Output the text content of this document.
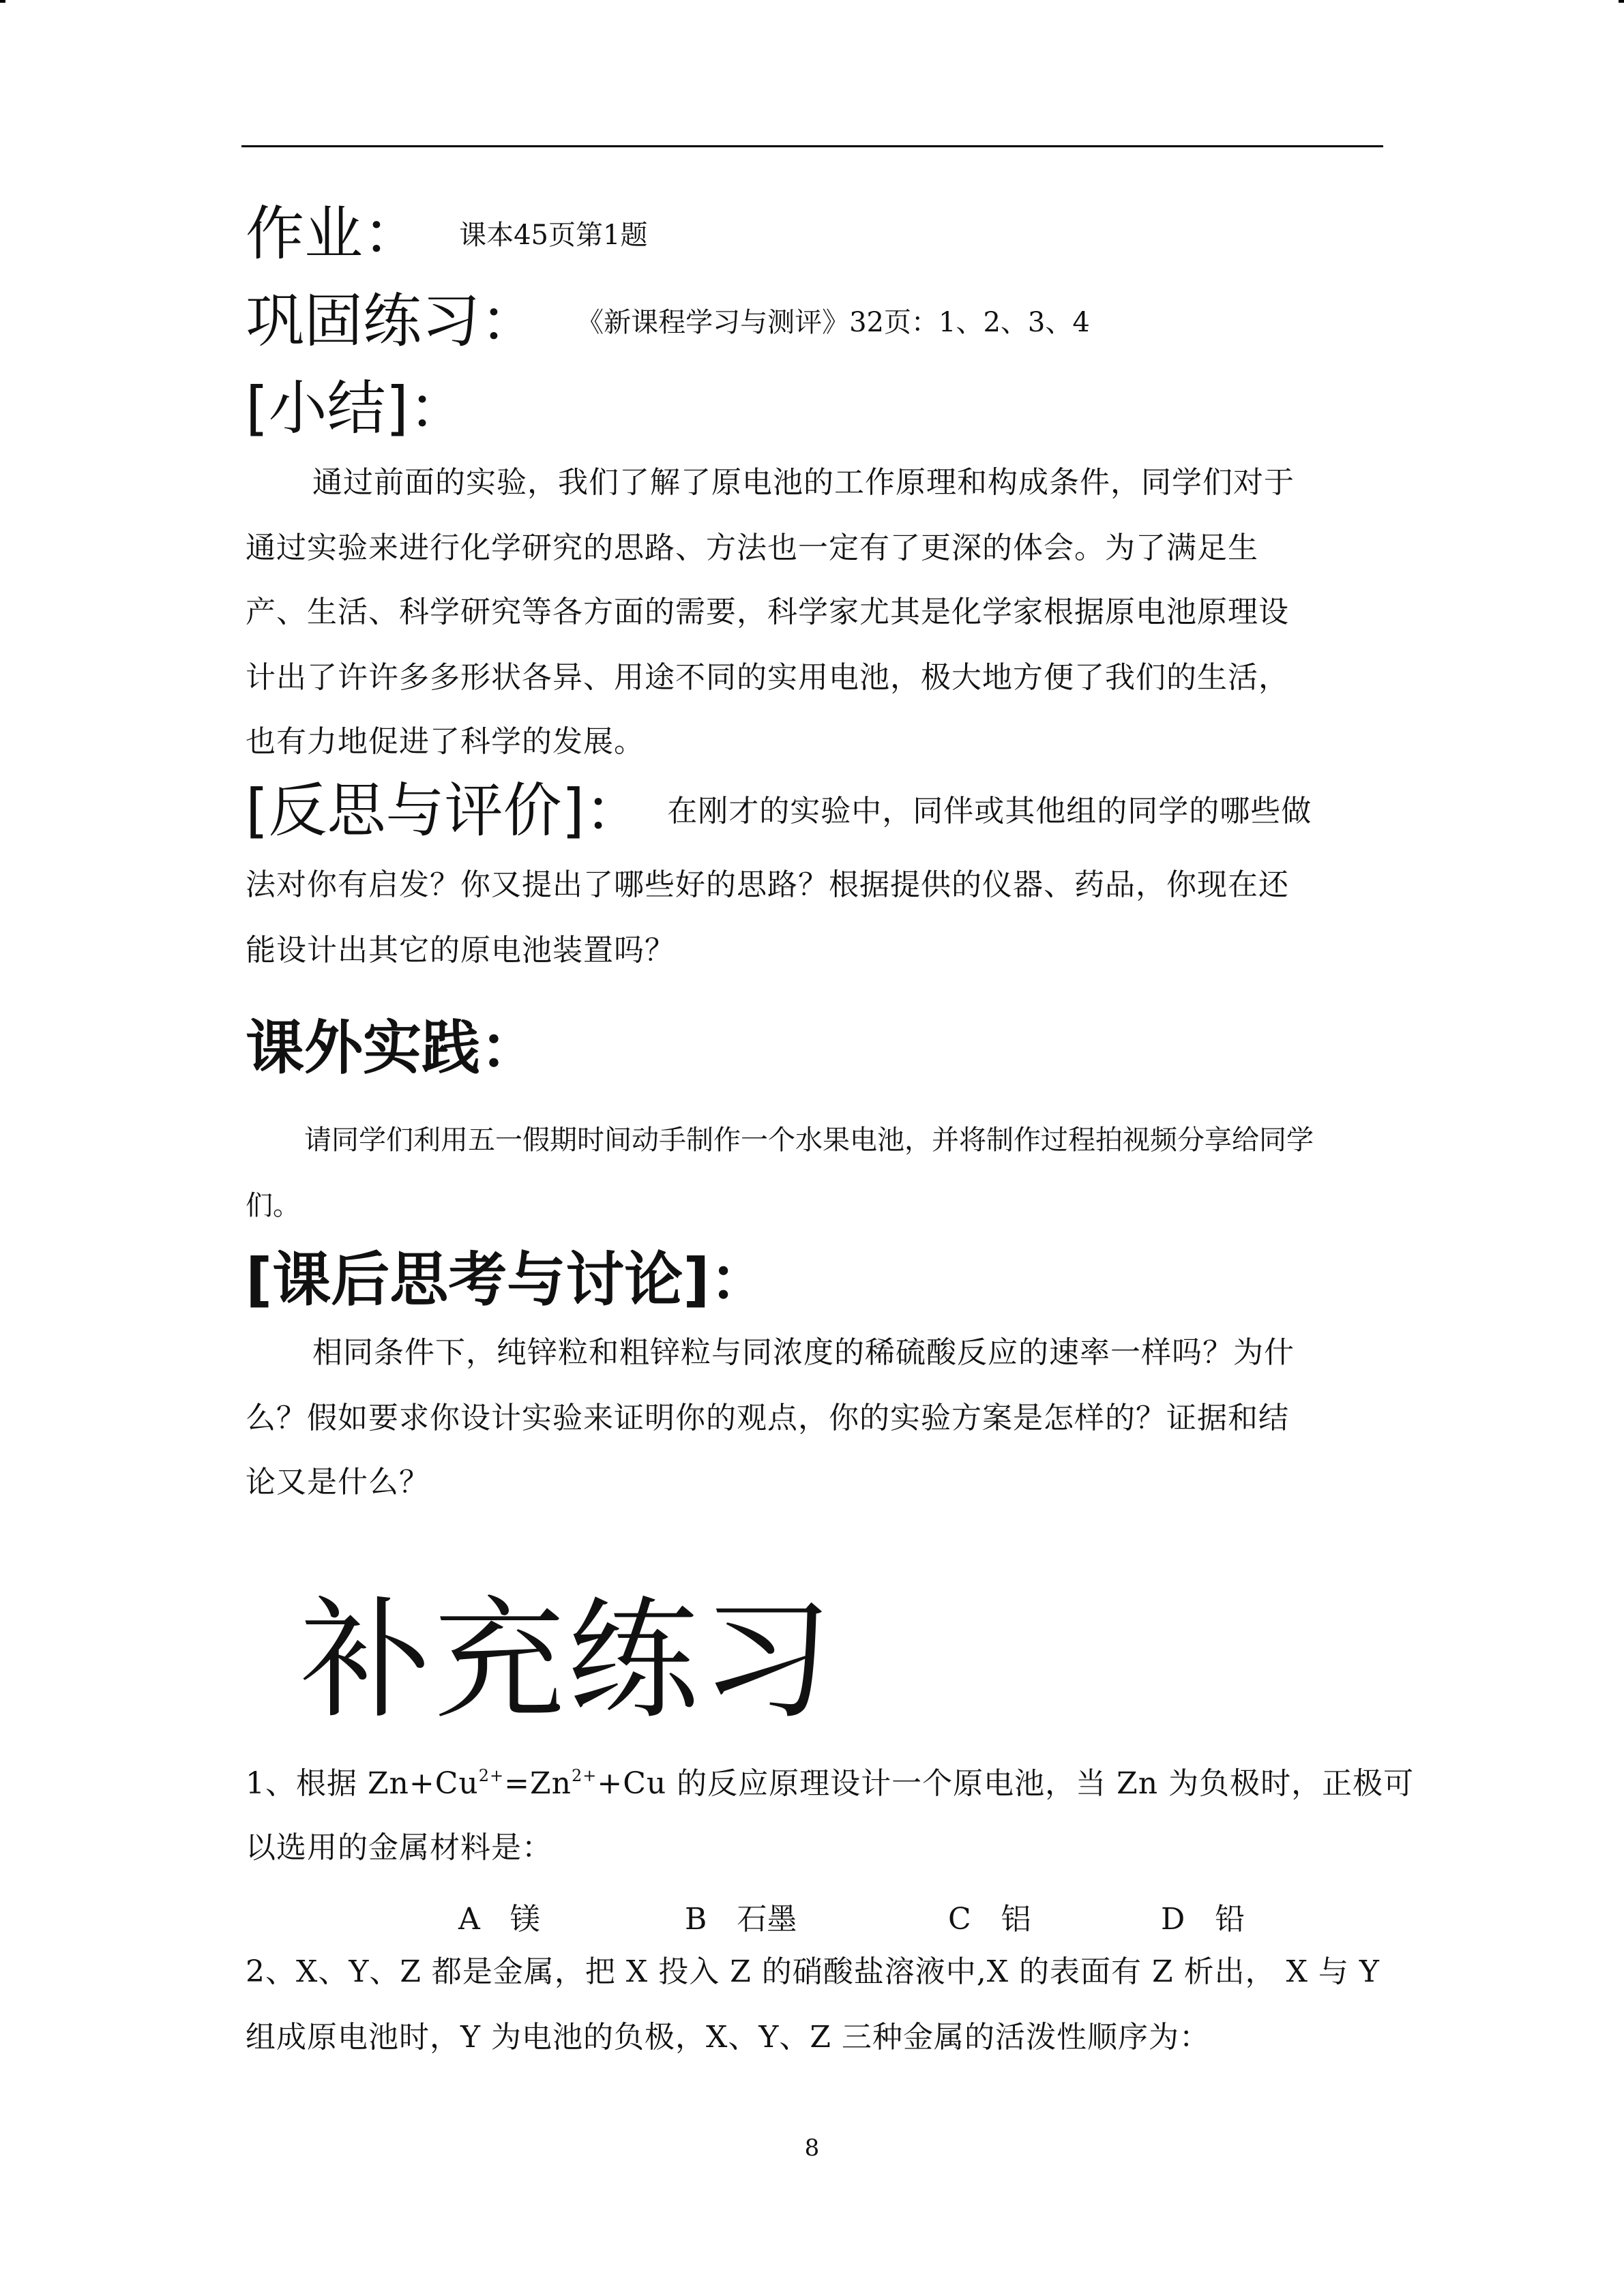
作业： 课本45页第1题
巩固练习： 《新课程学习与测评》32页：1、2、3、4
[小结]：
通过前面的实验，我们了解了原电池的工作原理和构成条件，同学们对于
通过实验来进行化学研究的思路、方法也一定有了更深的体会。为了满足生
产、生活、科学研究等各方面的需要，科学家尤其是化学家根据原电池原理设
计出了许许多多形状各异、用途不同的实用电池，极大地方便了我们的生活，
也有力地促进了科学的发展。
[反思与评价]： 在刚才的实验中，同伴或其他组的同学的哪些做
法对你有启发？你又提出了哪些好的思路？根据提供的仪器、药品，你现在还
能设计出其它的原电池装置吗？
课外实践：
请同学们利用五一假期时间动手制作一个水果电池，并将制作过程拍视频分享给同学
们。
[课后思考与讨论]：
相同条件下，纯锌粒和粗锌粒与同浓度的稀硫酸反应的速率一样吗？为什
么？假如要求你设计实验来证明你的观点，你的实验方案是怎样的？证据和结
论又是什么？
补充练习
1、根据 $Zn+Cu^{2+}=Zn^{2+}+Cu$ 的反应原理设计一个原电池，当 Zn 为负极时，正极可
以选用的金属材料是：
A　镁	B　石墨	C　铝	D　铅
2、X、Y、Z 都是金属，把 X 投入 Z 的硝酸盐溶液中,X 的表面有 Z 析出， X 与 Y
组成原电池时，Y 为电池的负极，X、Y、Z 三种金属的活泼性顺序为：
8
